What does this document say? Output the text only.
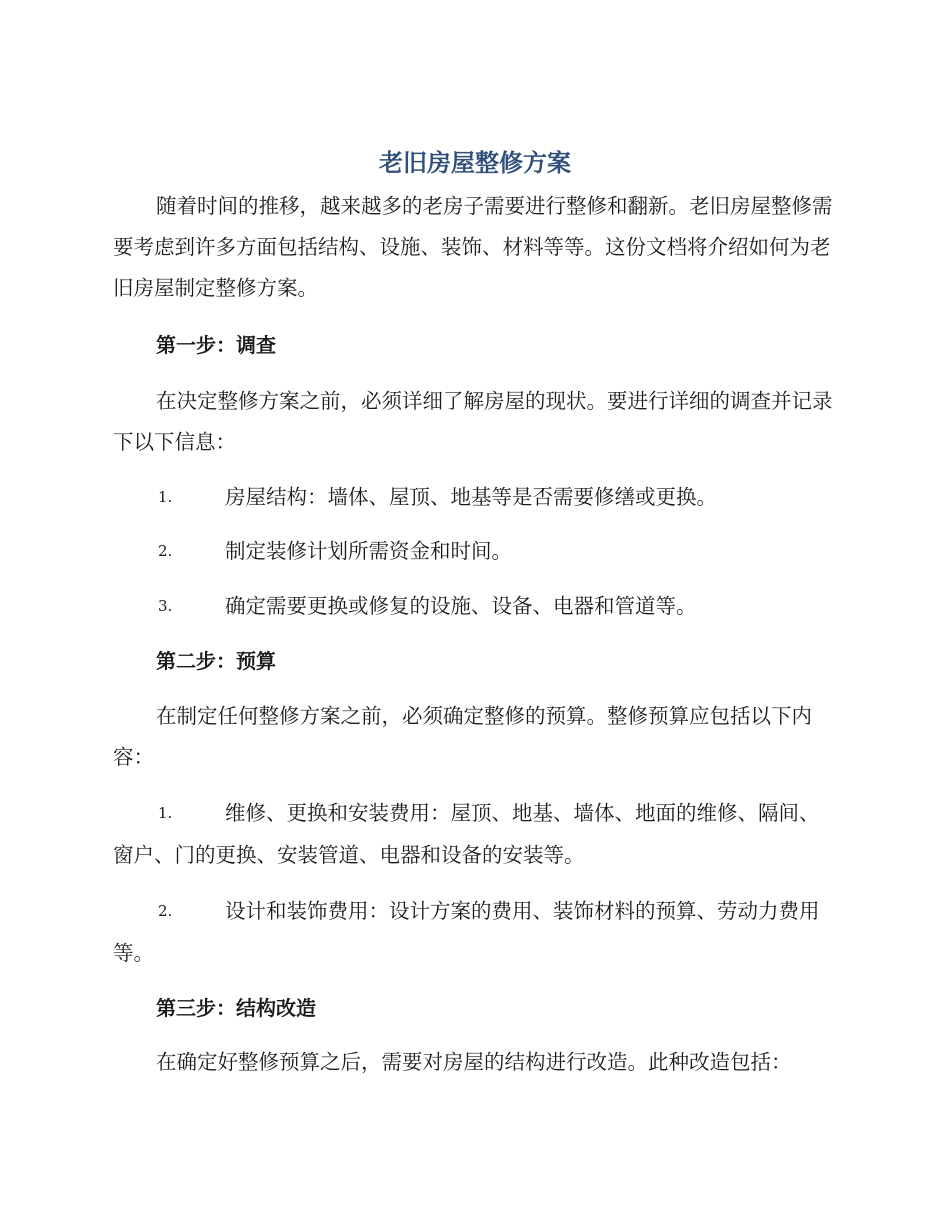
老旧房屋整修方案

随着时间的推移，越来越多的老房子需要进行整修和翻新。老旧房屋整修需要考虑到许多方面包括结构、设施、装饰、材料等等。这份文档将介绍如何为老旧房屋制定整修方案。

第一步：调查

在决定整修方案之前，必须详细了解房屋的现状。要进行详细的调查并记录下以下信息：

1.	房屋结构：墙体、屋顶、地基等是否需要修缮或更换。
2.	制定装修计划所需资金和时间。
3.	确定需要更换或修复的设施、设备、电器和管道等。
第二步：预算

在制定任何整修方案之前，必须确定整修的预算。整修预算应包括以下内容：

1.	维修、更换和安装费用：屋顶、地基、墙体、地面的维修、隔间、窗户、门的更换、安装管道、电器和设备的安装等。
2.	设计和装饰费用：设计方案的费用、装饰材料的预算、劳动力费用等。
第三步：结构改造

在确定好整修预算之后，需要对房屋的结构进行改造。此种改造包括：
